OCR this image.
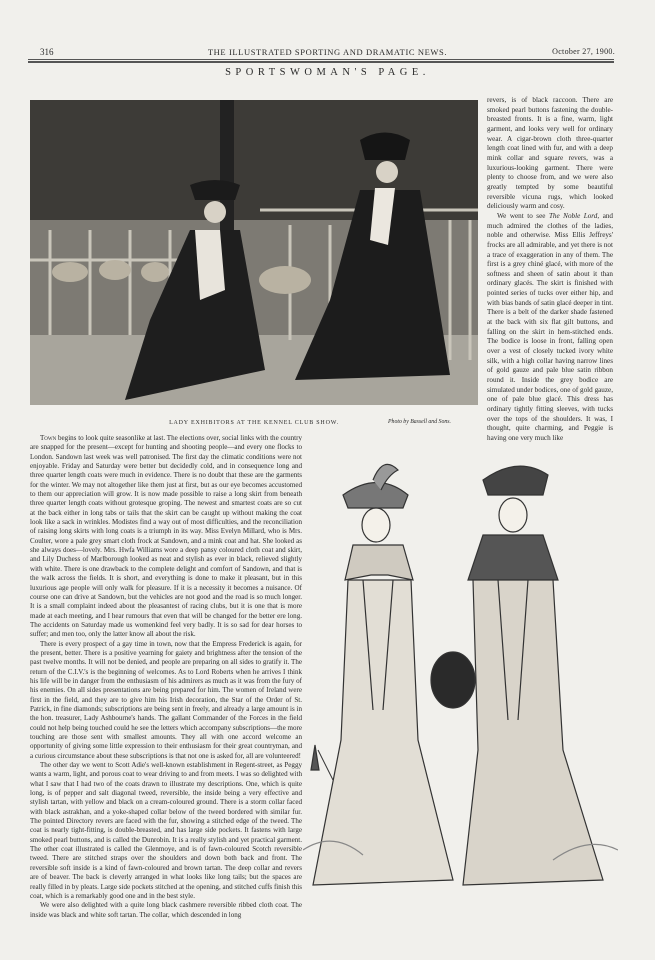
316	THE ILLUSTRATED SPORTING AND DRAMATIC NEWS.	October 27, 1900.
SPORTSWOMAN'S PAGE.
LADY EXHIBITORS AT THE KENNEL CLUB SHOW.	Photo by Bassell and Sons.

revers, is of black raccoon. There are smoked pearl buttons fastening the double-breasted fronts. It is a fine, warm, light garment, and looks very well for ordinary wear. A cigar-brown cloth three-quarter length coat lined with fur, and with a deep mink collar and square revers, was a luxurious-looking garment. There were plenty to choose from, and we were also greatly tempted by some beautiful reversible vicuna rugs, which looked deliciously warm and cosy.

We went to see The Noble Lord, and much admired the clothes of the ladies, noble and otherwise. Miss Ellis Jeffreys' frocks are all admirable, and yet there is not a trace of exaggeration in any of them. The first is a grey chiné glacé, with more of the softness and sheen of satin about it than ordinary glacés. The skirt is finished with pointed series of tucks over either hip, and with bias bands of satin glacé deeper in tint. There is a belt of the darker shade fastened at the back with six flat gilt buttons, and falling on the skirt in hem-stitched ends. The bodice is loose in front, falling open over a vest of closely tucked ivory white silk, with a high collar having narrow lines of gold gauze and pale blue satin ribbon round it. Inside the grey bodice are simulated under bodices, one of gold gauze, one of pale blue glacé. This dress has ordinary tightly fitting sleeves, with tucks over the tops of the shoulders. It was, I thought, quite charming, and Peggie is having one very much like

Town begins to look quite seasonlike at last. The elections over, social links with the country are snapped for the present—except for hunting and shooting people—and every one flocks to London. Sandown last week was well patronised. The first day the climatic conditions were not enjoyable. Friday and Saturday were better but decidedly cold, and in consequence long and three quarter length coats were much in evidence. There is no doubt that these are the garments for the winter. We may not altogether like them just at first, but as our eye becomes accustomed to them our appreciation will grow. It is now made possible to raise a long skirt from beneath three quarter length coats without grotesque groping. The newest and smartest coats are so cut at the back either in long tabs or tails that the skirt can be caught up without making the coat look like a sack in wrinkles. Modistes find a way out of most difficulties, and the reconciliation of raising long skirts with long coats is a triumph in its way. Miss Evelyn Millard, who is Mrs. Coulter, wore a pale grey smart cloth frock at Sandown, and a mink coat and hat. She looked as she always does—lovely. Mrs. Hwfa Williams wore a deep pansy coloured cloth coat and skirt, and Lily Duchess of Marlborough looked as neat and stylish as ever in black, relieved slightly with white. There is one drawback to the complete delight and comfort of Sandown, and that is the walk across the fields. It is short, and everything is done to make it pleasant, but in this luxurious age people will only walk for pleasure. If it is a necessity it becomes a nuisance. Of course one can drive at Sandown, but the vehicles are not good and the road is so much longer. It is a small complaint indeed about the pleasantest of racing clubs, but it is one that is more made at each meeting, and I hear rumours that even that will be changed for the better ere long. The accidents on Saturday made us womenkind feel very badly. It is so sad for dear horses to suffer; and men too, only the latter know all about the risk.

There is every prospect of a gay time in town, now that the Empress Frederick is again, for the present, better. There is a positive yearning for gaiety and brightness after the tension of the past twelve months. It will not be denied, and people are preparing on all sides to gratify it. The return of the C.I.V.'s is the beginning of welcomes. As to Lord Roberts when he arrives I think his life will be in danger from the enthusiasm of his admirers as much as it was from the fury of his enemies. On all sides presentations are being prepared for him. The women of Ireland were first in the field, and they are to give him his Irish decoration, the Star of the Order of St. Patrick, in fine diamonds; subscriptions are being sent in freely, and already a large amount is in the hon. treasurer, Lady Ashbourne's hands. The gallant Commander of the Forces in the field could not help being touched could he see the letters which accompany subscriptions—the more touching are those sent with smallest amounts. They all with one accord welcome an opportunity of giving some little expression to their enthusiasm for their great countryman, and a curious circumstance about these subscriptions is that not one is asked for, all are volunteered!

The other day we went to Scott Adie's well-known establishment in Regent-street, as Peggy wants a warm, light, and porous coat to wear driving to and from meets. I was so delighted with what I saw that I had two of the coats drawn to illustrate my descriptions. One, which is quite long, is of pepper and salt diagonal tweed, reversible, the inside being a very effective and stylish tartan, with yellow and black on a cream-coloured ground. There is a storm collar faced with black astrakhan, and a yoke-shaped collar below of the tweed bordered with similar fur. The pointed Directory revers are faced with the fur, showing a stitched edge of the tweed. The coat is nearly tight-fitting, is double-breasted, and has large side pockets. It fastens with large smoked pearl buttons, and is called the Dunrobin. It is a really stylish and yet practical garment. The other coat illustrated is called the Glenmoye, and is of fawn-coloured Scotch reversible tweed. There are stitched straps over the shoulders and down both back and front. The reversible soft inside is a kind of fawn-coloured and brown tartan. The deep collar and revers are of beaver. The back is cleverly arranged in what looks like long tails; but the spaces are really filled in by pleats. Large side pockets stitched at the opening, and stitched cuffs finish this coat, which is a remarkably good one and in the best style.

We were also delighted with a quite long black cashmere reversible ribbed cloth coat. The inside was black and white soft tartan. The collar, which descended in long
